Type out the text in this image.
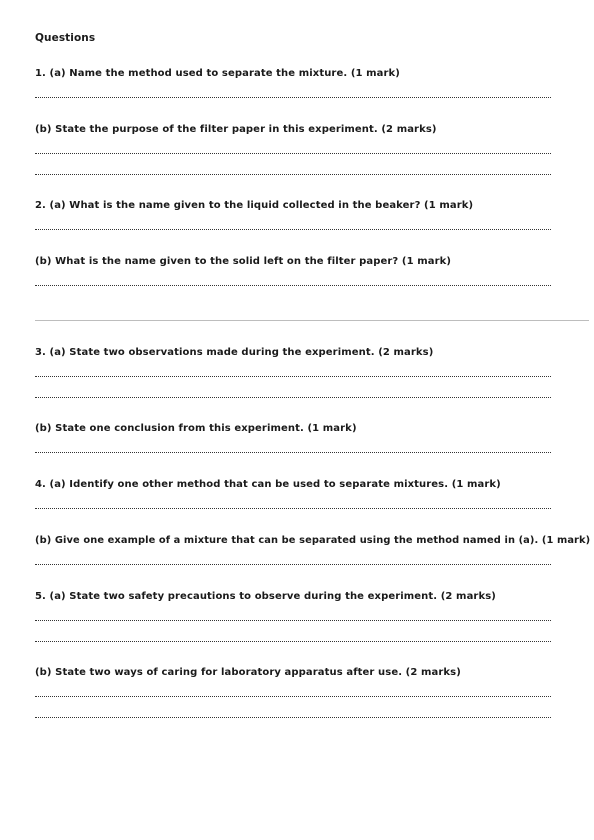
Questions
1. (a) Name the method used to separate the mixture. (1 mark)
(b) State the purpose of the filter paper in this experiment. (2 marks)
2. (a) What is the name given to the liquid collected in the beaker? (1 mark)
(b) What is the name given to the solid left on the filter paper? (1 mark)
3. (a) State two observations made during the experiment. (2 marks)
(b) State one conclusion from this experiment. (1 mark)
4. (a) Identify one other method that can be used to separate mixtures. (1 mark)
(b) Give one example of a mixture that can be separated using the method named in (a). (1 mark)
5. (a) State two safety precautions to observe during the experiment. (2 marks)
(b) State two ways of caring for laboratory apparatus after use. (2 marks)
